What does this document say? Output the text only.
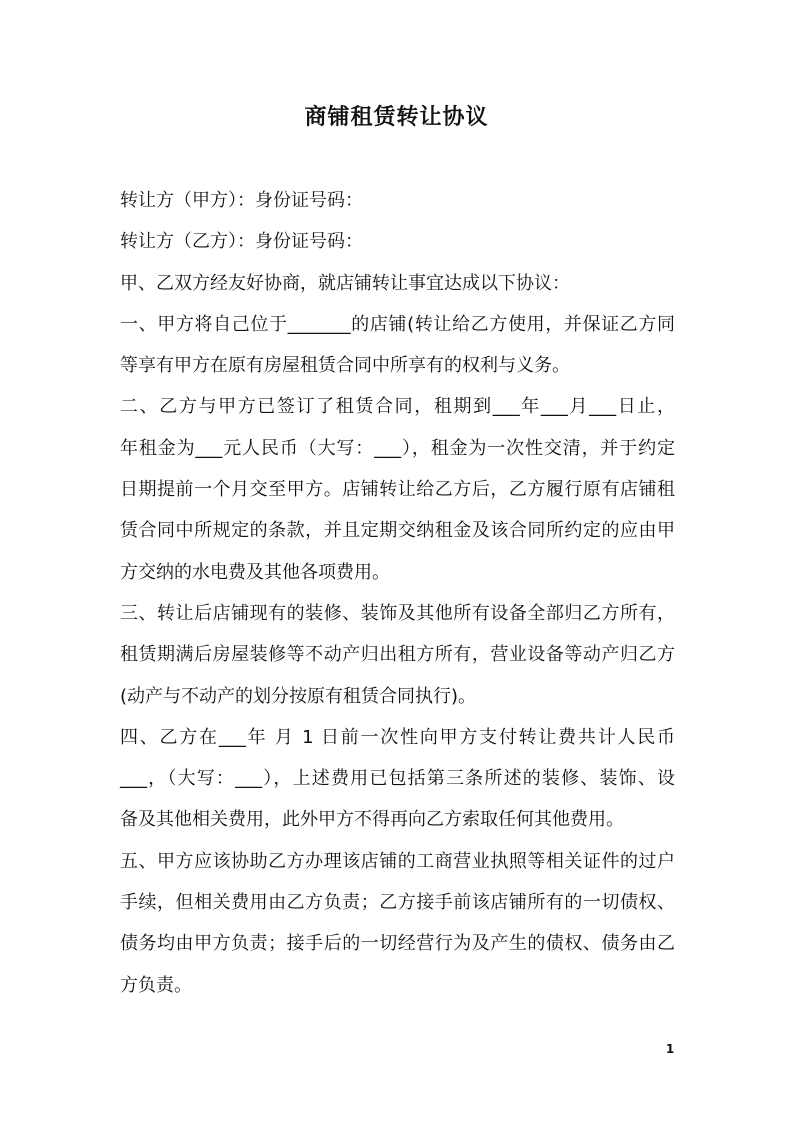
商铺租赁转让协议
转让方（甲方）：身份证号码：
转让方（乙方）：身份证号码：
甲、乙双方经友好协商，就店铺转让事宜达成以下协议：
一、甲方将自己位于_______的店铺(转让给乙方使用，并保证乙方同
等享有甲方在原有房屋租赁合同中所享有的权利与义务。
二、乙方与甲方已签订了租赁合同，租期到___年___月___日止，
年租金为___元人民币（大写：___），租金为一次性交清，并于约定
日期提前一个月交至甲方。店铺转让给乙方后，乙方履行原有店铺租
赁合同中所规定的条款，并且定期交纳租金及该合同所约定的应由甲
方交纳的水电费及其他各项费用。
三、转让后店铺现有的装修、装饰及其他所有设备全部归乙方所有，
租赁期满后房屋装修等不动产归出租方所有，营业设备等动产归乙方
(动产与不动产的划分按原有租赁合同执行)。
四、乙方在___年 月 1 日前一次性向甲方支付转让费共计人民币
___，（大写：___），上述费用已包括第三条所述的装修、装饰、设
备及其他相关费用，此外甲方不得再向乙方索取任何其他费用。
五、甲方应该协助乙方办理该店铺的工商营业执照等相关证件的过户
手续，但相关费用由乙方负责；乙方接手前该店铺所有的一切债权、
债务均由甲方负责；接手后的一切经营行为及产生的债权、债务由乙
方负责。
1
